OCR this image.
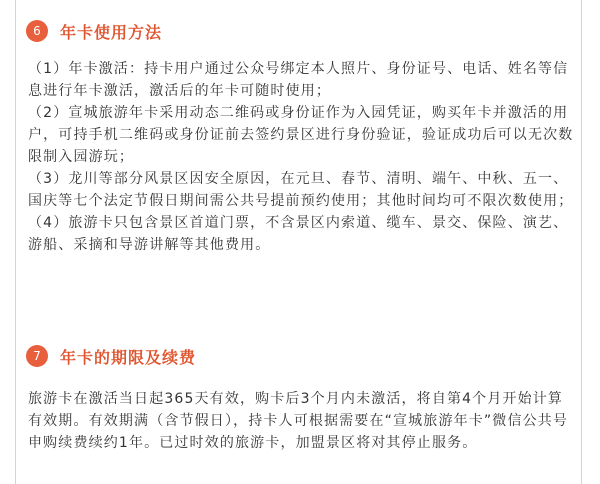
6	年卡使用方法

（1）年卡激活：持卡用户通过公众号绑定本人照片、身份证号、电话、姓名等信息进行年卡激活，激活后的年卡可随时使用；

（2）宣城旅游年卡采用动态二维码或身份证作为入园凭证，购买年卡并激活的用户，可持手机二维码或身份证前去签约景区进行身份验证，验证成功后可以无次数限制入园游玩；

（3）龙川等部分风景区因安全原因，在元旦、春节、清明、端午、中秋、五一、国庆等七个法定节假日期间需公共号提前预约使用；其他时间均可不限次数使用；

（4）旅游卡只包含景区首道门票，不含景区内索道、缆车、景交、保险、演艺、游船、采摘和导游讲解等其他费用。

7	年卡的期限及续费

旅游卡在激活当日起365天有效，购卡后3个月内未激活，将自第4个月开始计算有效期。有效期满（含节假日），持卡人可根据需要在“宣城旅游年卡”微信公共号申购续费续约1年。已过时效的旅游卡，加盟景区将对其停止服务。
